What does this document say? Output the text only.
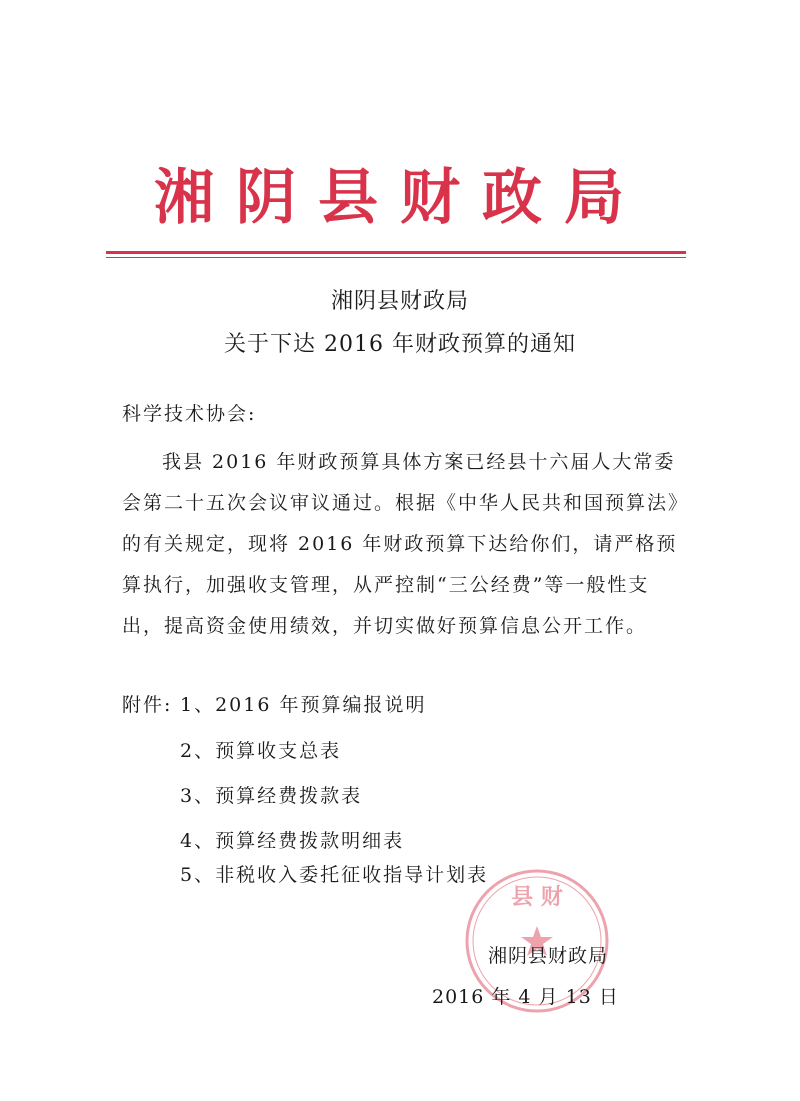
湘阴县财政局
湘阴县财政局
关于下达 2016 年财政预算的通知
科学技术协会:
我县 2016 年财政预算具体方案已经县十六届人大常委
会第二十五次会议审议通过。根据《中华人民共和国预算法》
的有关规定，现将 2016 年财政预算下达给你们，请严格预
算执行，加强收支管理，从严控制“三公经费”等一般性支
出，提高资金使用绩效，并切实做好预算信息公开工作。
附件: 1、2016 年预算编报说明
2、预算收支总表
3、预算经费拨款表
4、预算经费拨款明细表
5、非税收入委托征收指导计划表
县 财
湘阴县财政局
2016 年 4 月 13 日
